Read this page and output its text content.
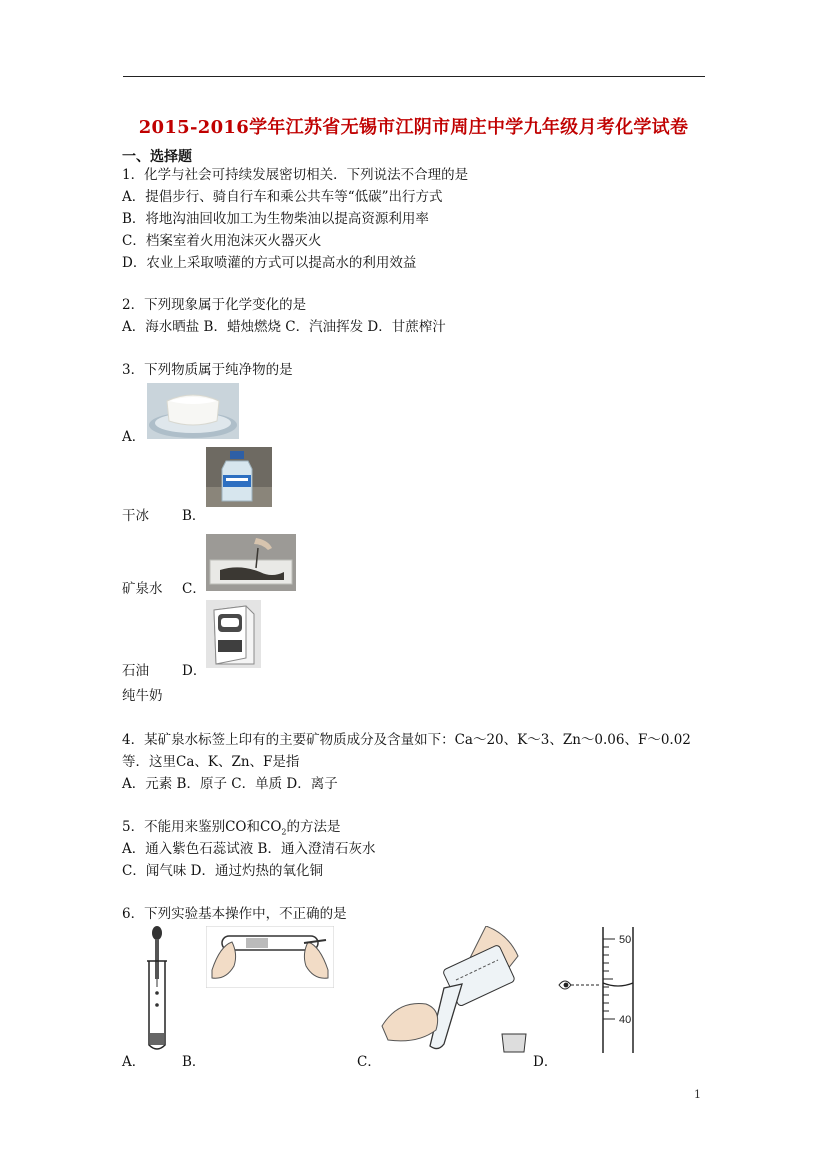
2015-2016学年江苏省无锡市江阴市周庄中学九年级月考化学试卷
一、选择题
1．化学与社会可持续发展密切相关．下列说法不合理的是
A．提倡步行、骑自行车和乘公共车等“低碳”出行方式
B．将地沟油回收加工为生物柴油以提高资源利用率
C．档案室着火用泡沫灭火器灭火
D．农业上采取喷灌的方式可以提高水的利用效益
2．下列现象属于化学变化的是
A．海水晒盐 B．蜡烛燃烧 C．汽油挥发 D．甘蔗榨汁
3．下列物质属于纯净物的是
A．
干冰 B．
矿泉水 C．
石油 D．
纯牛奶
4．某矿泉水标签上印有的主要矿物质成分及含量如下：Ca～20、K～3、Zn～0.06、F～0.02
等．这里Ca、K、Zn、F是指
A．元素 B．原子 C．单质 D．离子
5．不能用来鉴别CO和$CO_2$的方法是
A．通入紫色石蕊试液 B．通入澄清石灰水
C．闻气味 D．通过灼热的氧化铜
6．下列实验基本操作中，不正确的是
A．	B．	C．
50
40
D．
1
